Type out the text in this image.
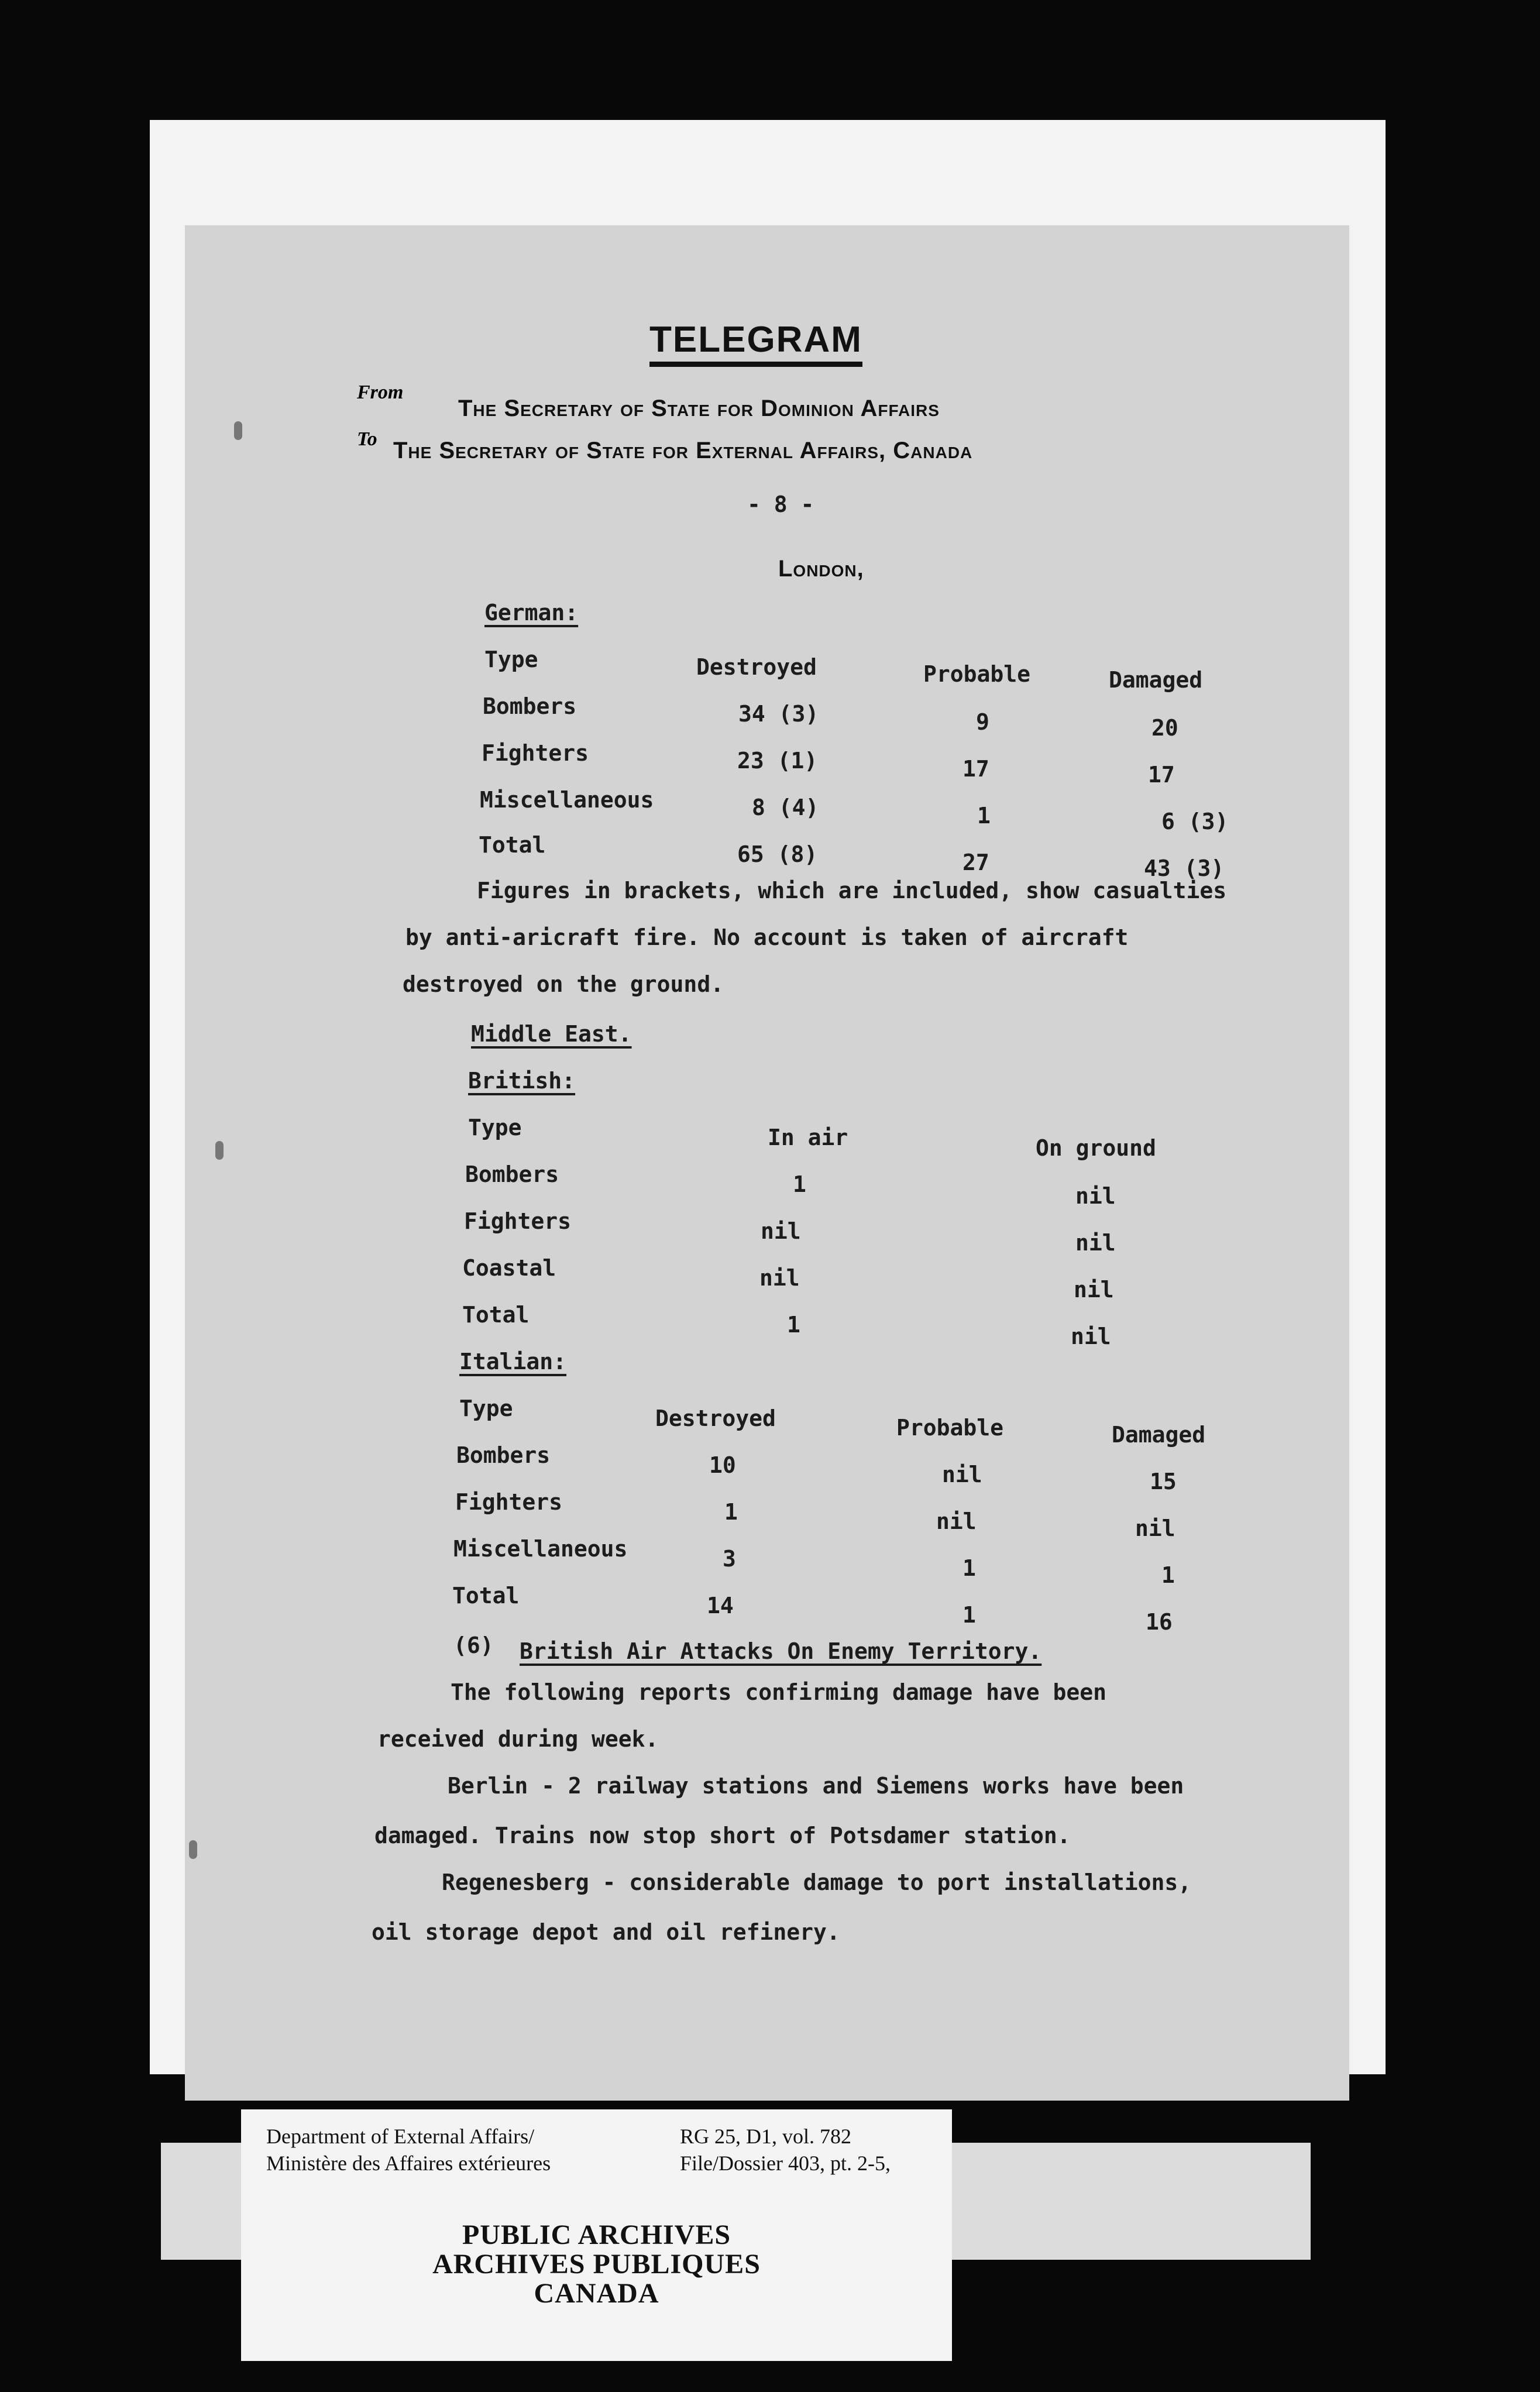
TELEGRAM
From
The Secretary of State for Dominion Affairs
To The Secretary of State for External Affairs, Canada
- 8 -
London,
German:
Type	Destroyed	Probable	Damaged
Bombers	34 (3)	9	20
Fighters	23 (1)	17	17
Miscellaneous	8 (4)	1	6 (3)
Total	65 (8)	27	43 (3)
Figures in brackets, which are included, show casualties
by anti-aricraft fire. No account is taken of aircraft
destroyed on the ground.
Middle East.
British:
Type	In air	On ground
Bombers	1	nil
Fighters	nil	nil
Coastal	nil	nil
Total	1	nil
Italian:
Type	Destroyed	Probable	Damaged
Bombers	10	nil	15
Fighters	1	nil	nil
Miscellaneous	3	1	1
Total	14	1	16
(6) British Air Attacks On Enemy Territory.
The following reports confirming damage have been
received during week.
Berlin - 2 railway stations and Siemens works have been
damaged. Trains now stop short of Potsdamer station.
Regenesberg - considerable damage to port installations,
oil storage depot and oil refinery.
Department of External Affairs/
Ministère des Affaires extérieures
RG 25, D1, vol. 782
File/Dossier 403, pt. 2-5,
PUBLIC ARCHIVES
ARCHIVES PUBLIQUES
CANADA
